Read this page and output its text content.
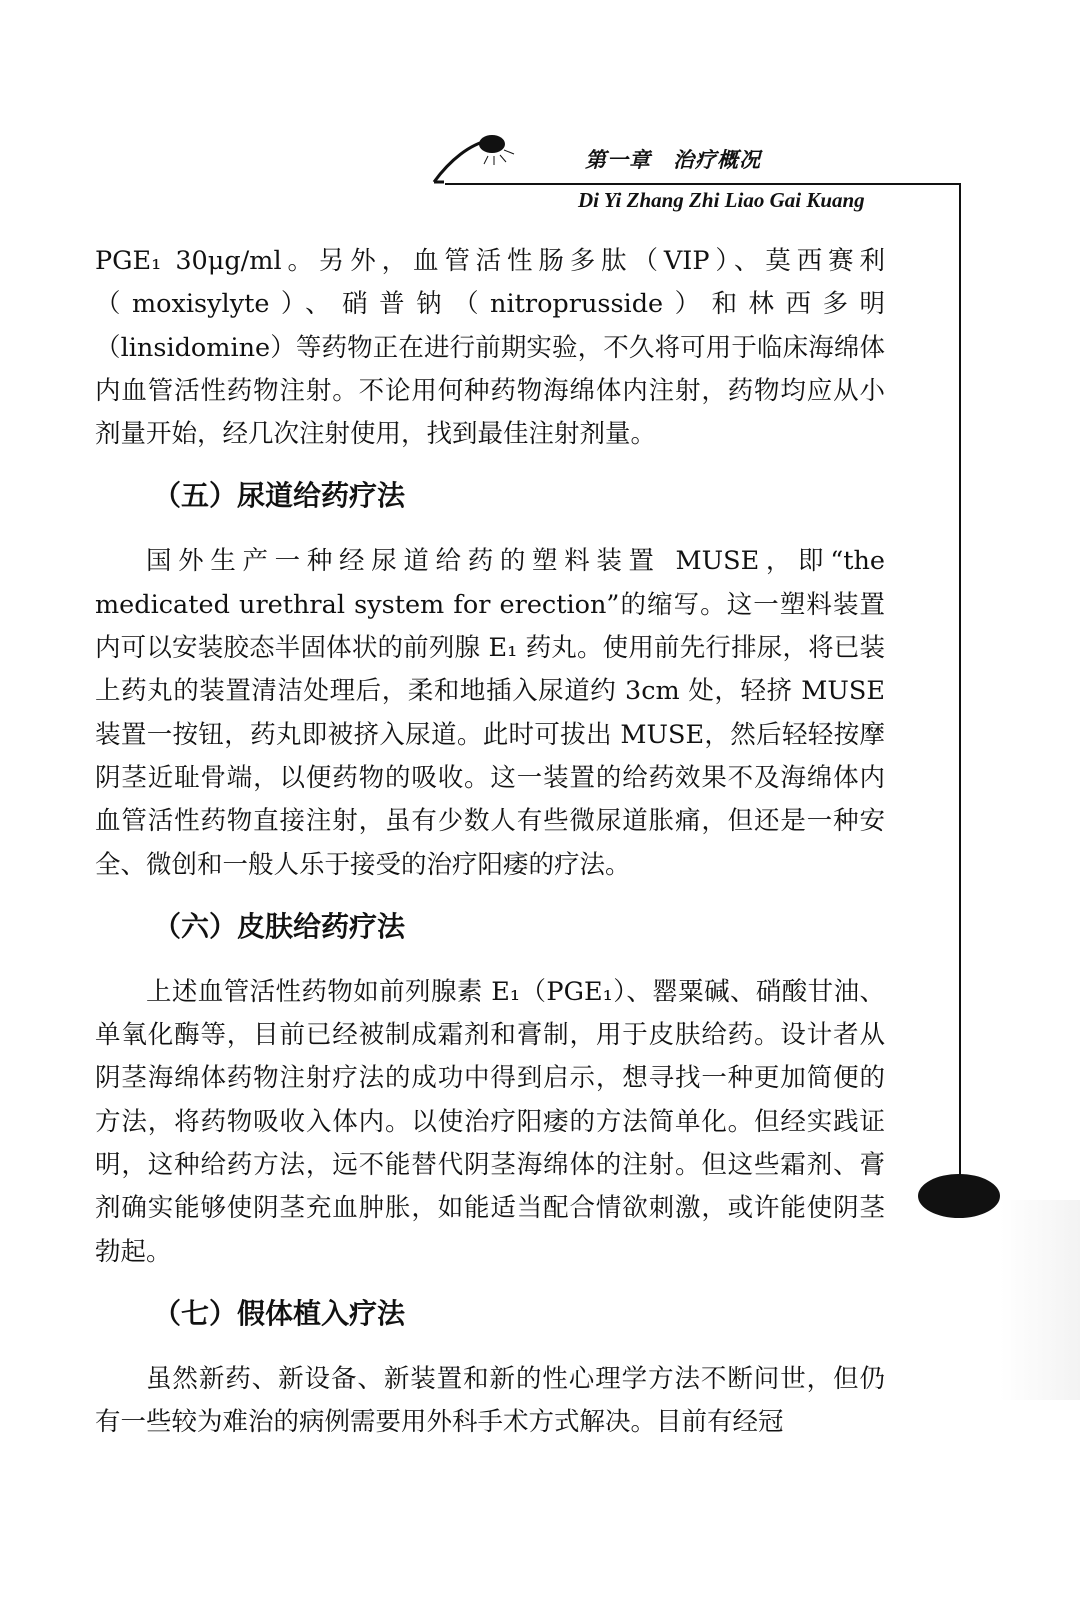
第一章　治疗概况
Di Yi Zhang Zhi Liao Gai Kuang

PGE₁ 30μg/ml。另外，血管活性肠多肽（VIP）、莫西赛利（moxisylyte）、硝普钠（nitroprusside）和林西多明（linsidomine）等药物正在进行前期实验，不久将可用于临床海绵体内血管活性药物注射。不论用何种药物海绵体内注射，药物均应从小剂量开始，经几次注射使用，找到最佳注射剂量。

（五）尿道给药疗法

国外生产一种经尿道给药的塑料装置 MUSE，即“the medicated urethral system for erection”的缩写。这一塑料装置内可以安装胶态半固体状的前列腺 E₁ 药丸。使用前先行排尿，将已装上药丸的装置清洁处理后，柔和地插入尿道约 3cm 处，轻挤 MUSE 装置一按钮，药丸即被挤入尿道。此时可拔出 MUSE，然后轻轻按摩阴茎近耻骨端，以便药物的吸收。这一装置的给药效果不及海绵体内血管活性药物直接注射，虽有少数人有些微尿道胀痛，但还是一种安全、微创和一般人乐于接受的治疗阳痿的疗法。

（六）皮肤给药疗法

上述血管活性药物如前列腺素 E₁（PGE₁）、罂粟碱、硝酸甘油、单氧化酶等，目前已经被制成霜剂和膏制，用于皮肤给药。设计者从阴茎海绵体药物注射疗法的成功中得到启示，想寻找一种更加简便的方法，将药物吸收入体内。以使治疗阳痿的方法简单化。但经实践证明，这种给药方法，远不能替代阴茎海绵体的注射。但这些霜剂、膏剂确实能够使阴茎充血肿胀，如能适当配合情欲刺激，或许能使阴茎勃起。

（七）假体植入疗法

虽然新药、新设备、新装置和新的性心理学方法不断问世，但仍有一些较为难治的病例需要用外科手术方式解决。目前有经冠
